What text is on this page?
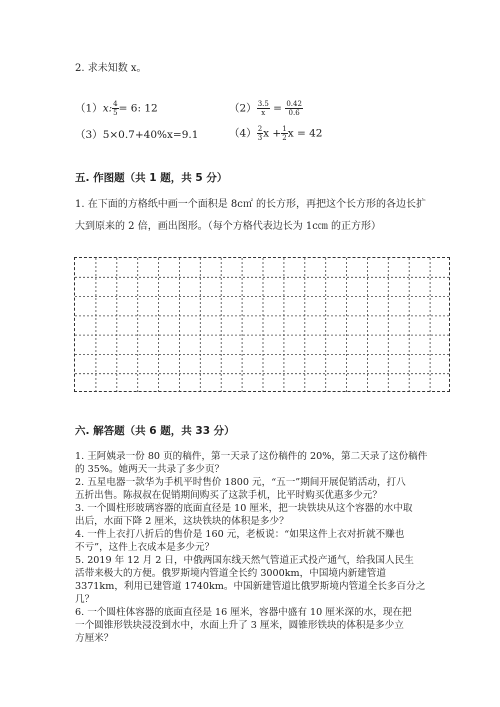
2. 求未知数 x。
（1）x: $\frac{4}{5} = 6$: 12	$(2) \frac{3.5}{x} = \frac{0.42}{0.6}$
（3）5×0.7+40%x=9.1	$(4) \frac{2}{3}$ $x + \frac{1}{2}$ x = 42
五. 作图题（共 1 题，共 5 分）
1. 在下面的方格纸中画一个面积是 8c㎡ 的长方形，再把这个长方形的各边长扩
大到原来的 2 倍，画出图形。（每个方格代表边长为 1c㎝ 的正方形）
六. 解答题（共 6 题，共 33 分）
1. 王阿姨录一份 80 页的稿件，第一天录了这份稿件的 20%，第二天录了这份稿件
的 35%。她两天一共录了多少页？
2. 五星电器一款华为手机平时售价 1800 元，“五一”期间开展促销活动，打八
五折出售。陈叔叔在促销期间购买了这款手机，比平时购买优惠多少元？
3. 一个圆柱形玻璃容器的底面直径是 10 厘米，把一块铁块从这个容器的水中取
出后，水面下降 2 厘米，这块铁块的体积是多少？
4. 一件上衣打八折后的售价是 160 元，老板说：“如果这件上衣对折就不赚也
不亏”，这件上衣成本是多少元？
5. 2019 年 12 月 2 日，中俄两国东线天然气管道正式投产通气，给我国人民生
活带来极大的方便。俄罗斯境内管道全长约 3000km，中国境内新建管道
3371km，利用已建管道 1740km。中国新建管道比俄罗斯境内管道全长多百分之
几？
6. 一个圆柱体容器的底面直径是 16 厘米，容器中盛有 10 厘米深的水，现在把
一个圆锥形铁块浸没到水中，水面上升了 3 厘米，圆锥形铁块的体积是多少立
方厘米？
